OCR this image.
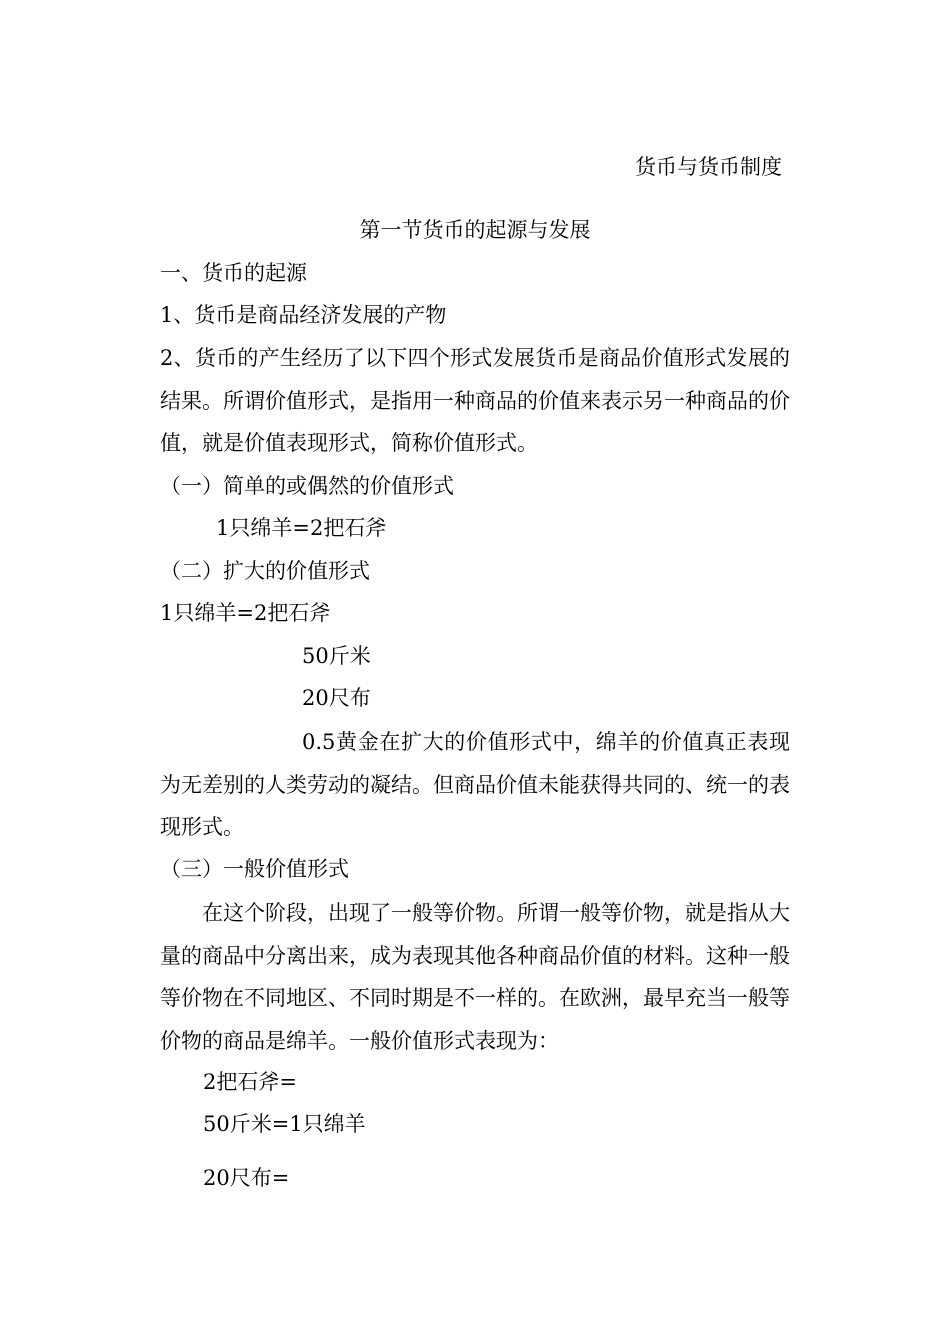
货币与货币制度
第一节货币的起源与发展
一、货币的起源
1、货币是商品经济发展的产物
2、货币的产生经历了以下四个形式发展货币是商品价值形式发展的结果。所谓价值形式，是指用一种商品的价值来表示另一种商品的价值，就是价值表现形式，简称价值形式。
（一）简单的或偶然的价值形式
1只绵羊=2把石斧
（二）扩大的价值形式
1只绵羊=2把石斧
50斤米
20尺布
0.5黄金在扩大的价值形式中，绵羊的价值真正表现为无差别的人类劳动的凝结。但商品价值未能获得共同的、统一的表现形式。
（三）一般价值形式
在这个阶段，出现了一般等价物。所谓一般等价物，就是指从大量的商品中分离出来，成为表现其他各种商品价值的材料。这种一般等价物在不同地区、不同时期是不一样的。在欧洲，最早充当一般等价物的商品是绵羊。一般价值形式表现为：
2把石斧=
50斤米=1只绵羊
20尺布=
